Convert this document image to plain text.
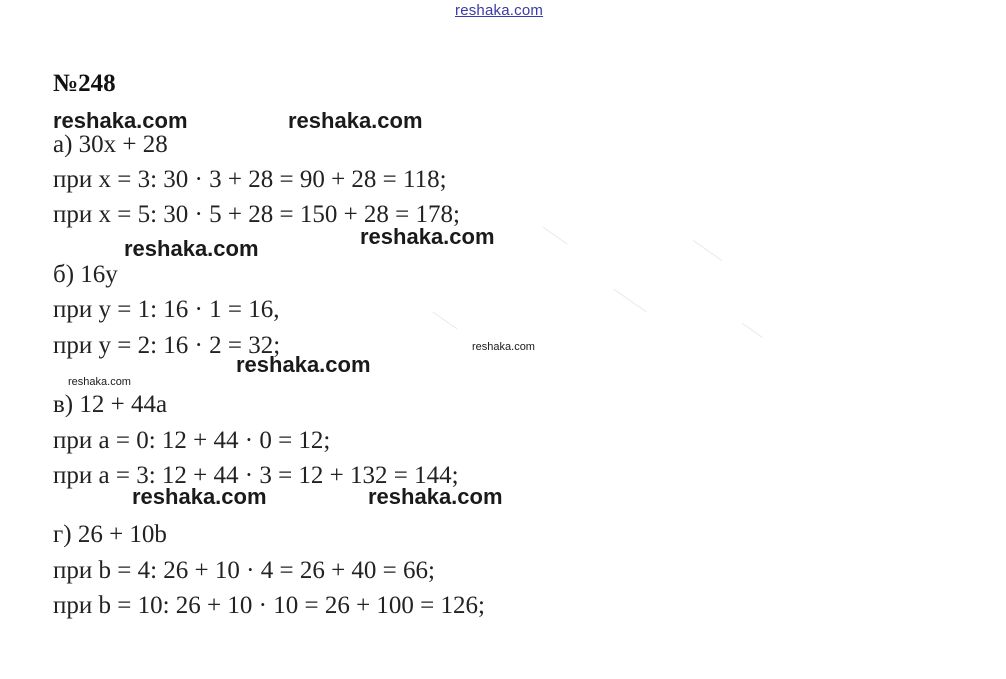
reshaka.com
№248
а) 30x + 28
при x = 3: 30 · 3 + 28 = 90 + 28 = 118;
при x = 5: 30 · 5 + 28 = 150 + 28 = 178;
б) 16y
при y = 1: 16 · 1 = 16,
при y = 2: 16 · 2 = 32;
в) 12 + 44a
при a = 0: 12 + 44 · 0 = 12;
при a = 3: 12 + 44 · 3 = 12 + 132 = 144;
г) 26 + 10b
при b = 4: 26 + 10 · 4 = 26 + 40 = 66;
при b = 10: 26 + 10 · 10 = 26 + 100 = 126;
reshaka.com	reshaka.com
reshaka.com	reshaka.com
reshaka.com
reshaka.com	reshaka.com
reshaka.com
reshaka.com
